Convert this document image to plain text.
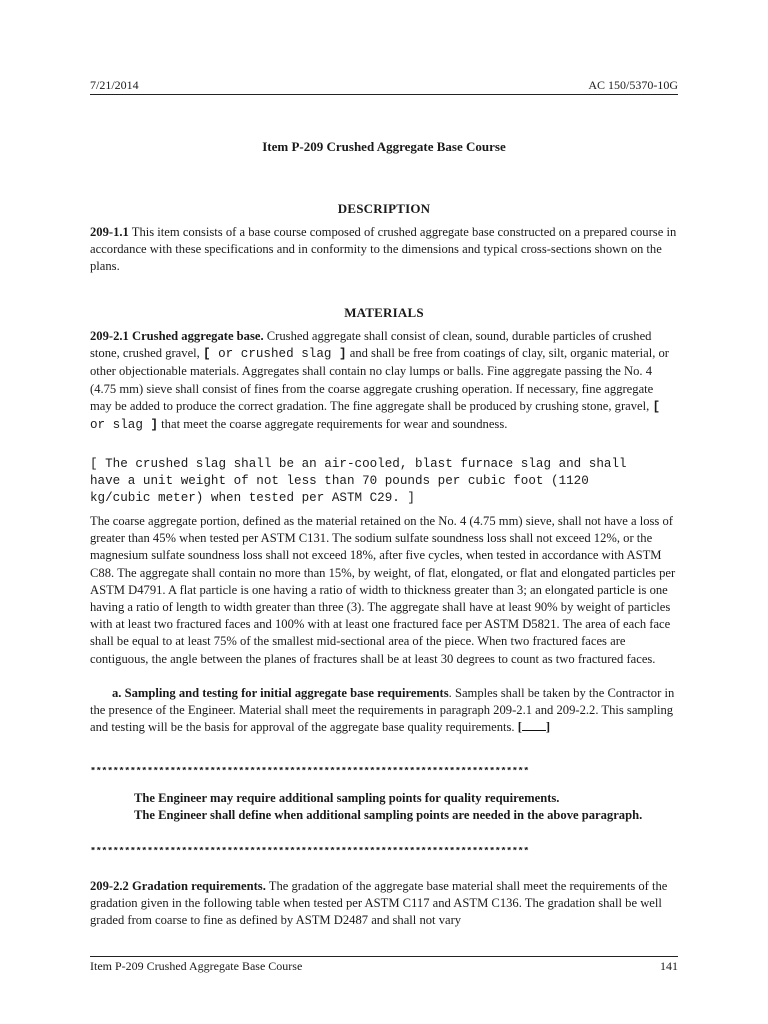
7/21/2014	AC 150/5370-10G
Item P-209 Crushed Aggregate Base Course
DESCRIPTION
209-1.1 This item consists of a base course composed of crushed aggregate base constructed on a prepared course in accordance with these specifications and in conformity to the dimensions and typical cross-sections shown on the plans.
MATERIALS
209-2.1 Crushed aggregate base. Crushed aggregate shall consist of clean, sound, durable particles of crushed stone, crushed gravel, [ or crushed slag ] and shall be free from coatings of clay, silt, organic material, or other objectionable materials. Aggregates shall contain no clay lumps or balls. Fine aggregate passing the No. 4 (4.75 mm) sieve shall consist of fines from the coarse aggregate crushing operation. If necessary, fine aggregate may be added to produce the correct gradation. The fine aggregate shall be produced by crushing stone, gravel, [ or slag ] that meet the coarse aggregate requirements for wear and soundness.
[ The crushed slag shall be an air-cooled, blast furnace slag and shall
have a unit weight of not less than 70 pounds per cubic foot (1120
kg/cubic meter) when tested per ASTM C29. ]
The coarse aggregate portion, defined as the material retained on the No. 4 (4.75 mm) sieve, shall not have a loss of greater than 45% when tested per ASTM C131. The sodium sulfate soundness loss shall not exceed 12%, or the magnesium sulfate soundness loss shall not exceed 18%, after five cycles, when tested in accordance with ASTM C88. The aggregate shall contain no more than 15%, by weight, of flat, elongated, or flat and elongated particles per ASTM D4791. A flat particle is one having a ratio of width to thickness greater than 3; an elongated particle is one having a ratio of length to width greater than three (3). The aggregate shall have at least 90% by weight of particles with at least two fractured faces and 100% with at least one fractured face per ASTM D5821. The area of each face shall be equal to at least 75% of the smallest mid-sectional area of the piece. When two fractured faces are contiguous, the angle between the planes of fractures shall be at least 30 degrees to count as two fractured faces.
a. Sampling and testing for initial aggregate base requirements. Samples shall be taken by the Contractor in the presence of the Engineer. Material shall meet the requirements in paragraph 209-2.1 and 209-2.2. This sampling and testing will be the basis for approval of the aggregate base quality requirements. [ ]
*****************************************************************************
The Engineer may require additional sampling points for quality requirements.
The Engineer shall define when additional sampling points are needed in the above paragraph.
*****************************************************************************
209-2.2 Gradation requirements. The gradation of the aggregate base material shall meet the requirements of the gradation given in the following table when tested per ASTM C117 and ASTM C136. The gradation shall be well graded from coarse to fine as defined by ASTM D2487 and shall not vary
Item P-209 Crushed Aggregate Base Course	141
